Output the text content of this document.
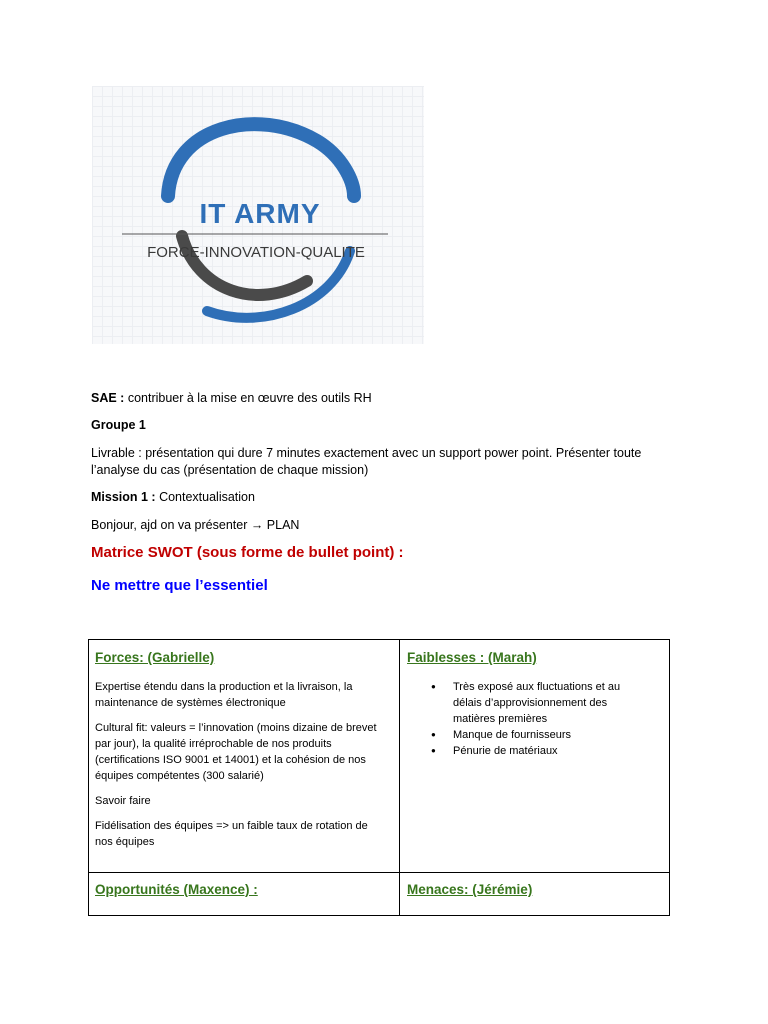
IT ARMY
FORCE-INNOVATION-QUALITE
SAE : contribuer à la mise en œuvre des outils RH
Groupe 1
Livrable : présentation qui dure 7 minutes exactement avec un support power point. Présenter toute
l’analyse du cas (présentation de chaque mission)
Mission 1 : Contextualisation
Bonjour, ajd on va présenter → PLAN
Matrice SWOT (sous forme de bullet point) :
Ne mettre que l’essentiel
Forces: (Gabrielle)

Expertise étendu dans la production et la livraison, la maintenance de systèmes électronique

Cultural fit: valeurs = l’innovation (moins dizaine de brevet par jour), la qualité irréprochable de nos produits (certifications ISO 9001 et 14001) et la cohésion de nos équipes compétentes (300 salarié)

Savoir faire

Fidélisation des équipes => un faible taux de rotation de nos équipes

Faiblesses : (Marah)
● Très exposé aux fluctuations et au délais d’approvisionnement des matières premières
● Manque de fournisseurs
● Pénurie de matériaux
Opportunités (Maxence) :	Menaces: (Jérémie)
